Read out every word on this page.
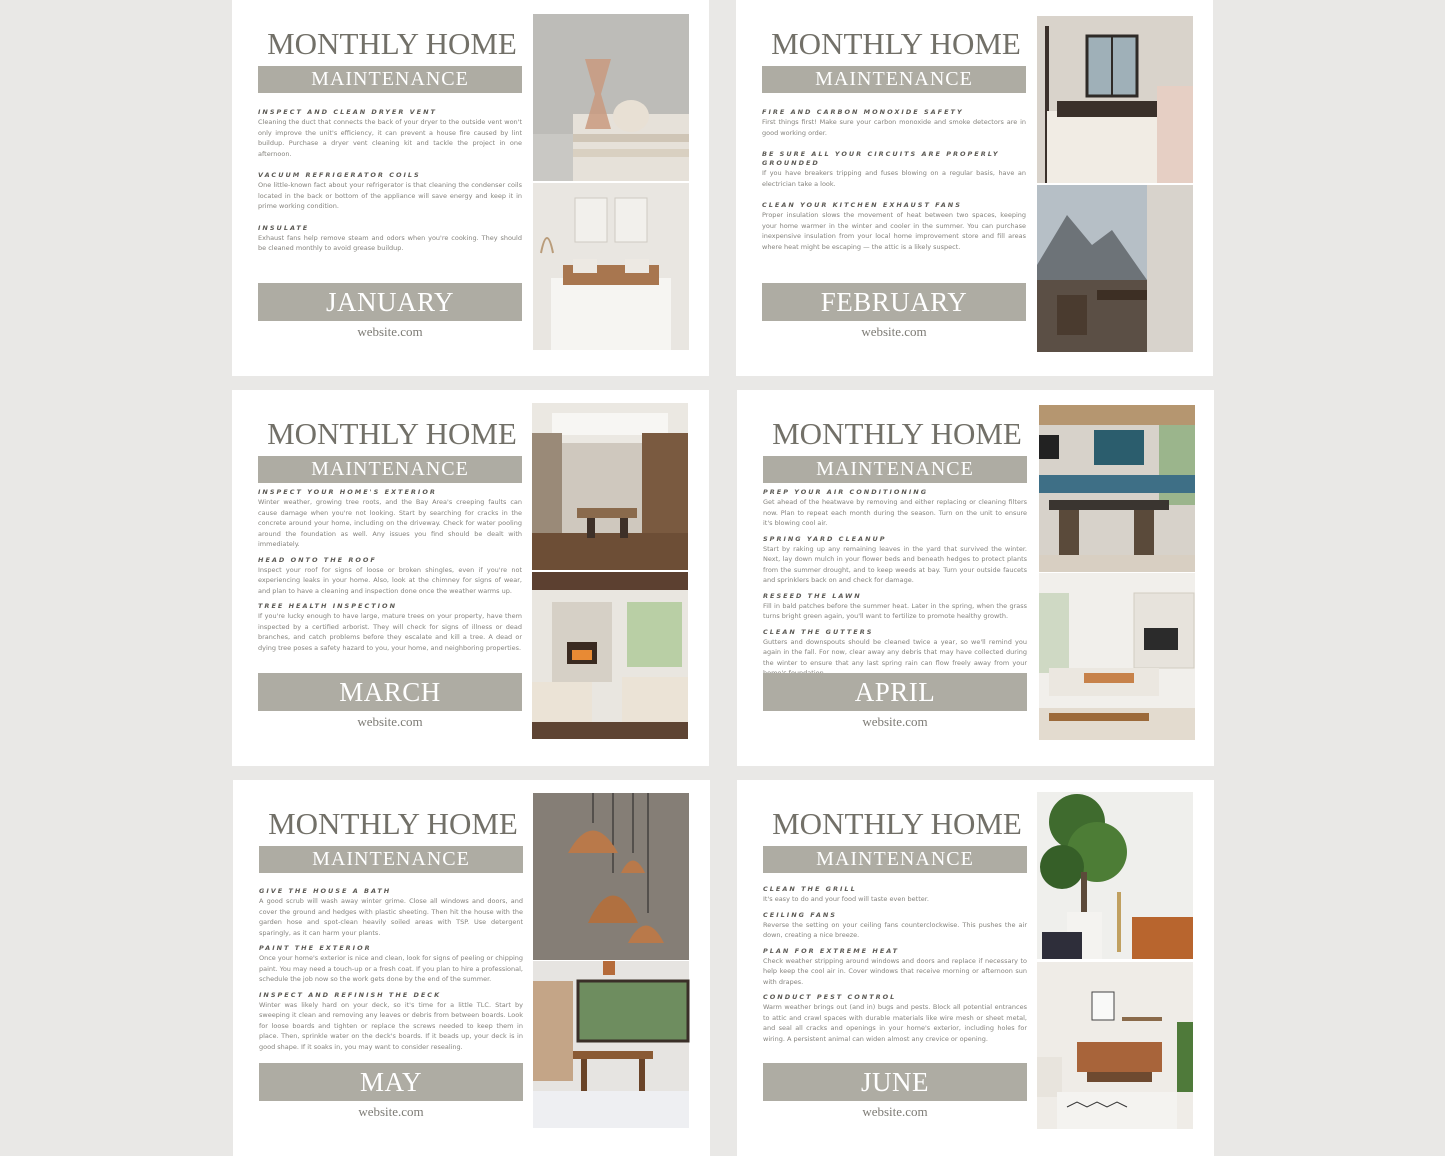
MONTHLY HOME
MAINTENANCE
INSPECT AND CLEAN DRYER VENT
Cleaning the duct that connects the back of your dryer to the outside vent won't only improve the unit's efficiency, it can prevent a house fire caused by lint buildup. Purchase a dryer vent cleaning kit and tackle the project in one afternoon.
VACUUM REFRIGERATOR COILS
One little-known fact about your refrigerator is that cleaning the condenser coils located in the back or bottom of the appliance will save energy and keep it in prime working condition.
INSULATE
Exhaust fans help remove steam and odors when you're cooking. They should be cleaned monthly to avoid grease buildup.
JANUARY
website.com
MONTHLY HOME
MAINTENANCE
FIRE AND CARBON MONOXIDE SAFETY
First things first! Make sure your carbon monoxide and smoke detectors are in good working order.
BE SURE ALL YOUR CIRCUITS ARE PROPERLY GROUNDED
If you have breakers tripping and fuses blowing on a regular basis, have an electrician take a look.
CLEAN YOUR KITCHEN EXHAUST FANS
Proper insulation slows the movement of heat between two spaces, keeping your home warmer in the winter and cooler in the summer. You can purchase inexpensive insulation from your local home improvement store and fill areas where heat might be escaping — the attic is a likely suspect.
FEBRUARY
website.com
MONTHLY HOME
MAINTENANCE
INSPECT YOUR HOME'S EXTERIOR
Winter weather, growing tree roots, and the Bay Area's creeping faults can cause damage when you're not looking. Start by searching for cracks in the concrete around your home, including on the driveway. Check for water pooling around the foundation as well. Any issues you find should be dealt with immediately.
HEAD ONTO THE ROOF
Inspect your roof for signs of loose or broken shingles, even if you're not experiencing leaks in your home. Also, look at the chimney for signs of wear, and plan to have a cleaning and inspection done once the weather warms up.
TREE HEALTH INSPECTION
If you're lucky enough to have large, mature trees on your property, have them inspected by a certified arborist. They will check for signs of illness or dead branches, and catch problems before they escalate and kill a tree. A dead or dying tree poses a safety hazard to you, your home, and neighboring properties.
MARCH
website.com
MONTHLY HOME
MAINTENANCE
PREP YOUR AIR CONDITIONING
Get ahead of the heatwave by removing and either replacing or cleaning filters now. Plan to repeat each month during the season. Turn on the unit to ensure it's blowing cool air.
SPRING YARD CLEANUP
Start by raking up any remaining leaves in the yard that survived the winter. Next, lay down mulch in your flower beds and beneath hedges to protect plants from the summer drought, and to keep weeds at bay. Turn your outside faucets and sprinklers back on and check for damage.
RESEED THE LAWN
Fill in bald patches before the summer heat. Later in the spring, when the grass turns bright green again, you'll want to fertilize to promote healthy growth.
CLEAN THE GUTTERS
Gutters and downspouts should be cleaned twice a year, so we'll remind you again in the fall. For now, clear away any debris that may have collected during the winter to ensure that any last spring rain can flow freely away from your
APRIL
website.com
MONTHLY HOME
MAINTENANCE
GIVE THE HOUSE A BATH
A good scrub will wash away winter grime. Close all windows and doors, and cover the ground and hedges with plastic sheeting. Then hit the house with the garden hose and spot-clean heavily soiled areas with TSP. Use detergent sparingly, as it can harm your plants.
PAINT THE EXTERIOR
Once your home's exterior is nice and clean, look for signs of peeling or chipping paint. You may need a touch-up or a fresh coat. If you plan to hire a professional, schedule the job now so the work gets done by the end of the summer.
INSPECT AND REFINISH THE DECK
Winter was likely hard on your deck, so it's time for a little TLC. Start by sweeping it clean and removing any leaves or debris from between boards. Look for loose boards and tighten or replace the screws needed to keep them in place. Then, sprinkle water on the deck's boards. If it beads up, your deck is in good shape. If it soaks in, you may want to consider resealing.
MAY
website.com
MONTHLY HOME
MAINTENANCE
CLEAN THE GRILL
It's easy to do and your food will taste even better.
CEILING FANS
Reverse the setting on your ceiling fans counterclockwise. This pushes the air down, creating a nice breeze.
PLAN FOR EXTREME HEAT
Check weather stripping around windows and doors and replace if necessary to help keep the cool air in. Cover windows that receive morning or afternoon sun with drapes.
CONDUCT PEST CONTROL
Warm weather brings out (and in) bugs and pests. Block all potential entrances to attic and crawl spaces with durable materials like wire mesh or sheet metal, and seal all cracks and openings in your home's exterior, including holes for wiring. A persistent animal can widen almost any crevice or opening.
JUNE
website.com
